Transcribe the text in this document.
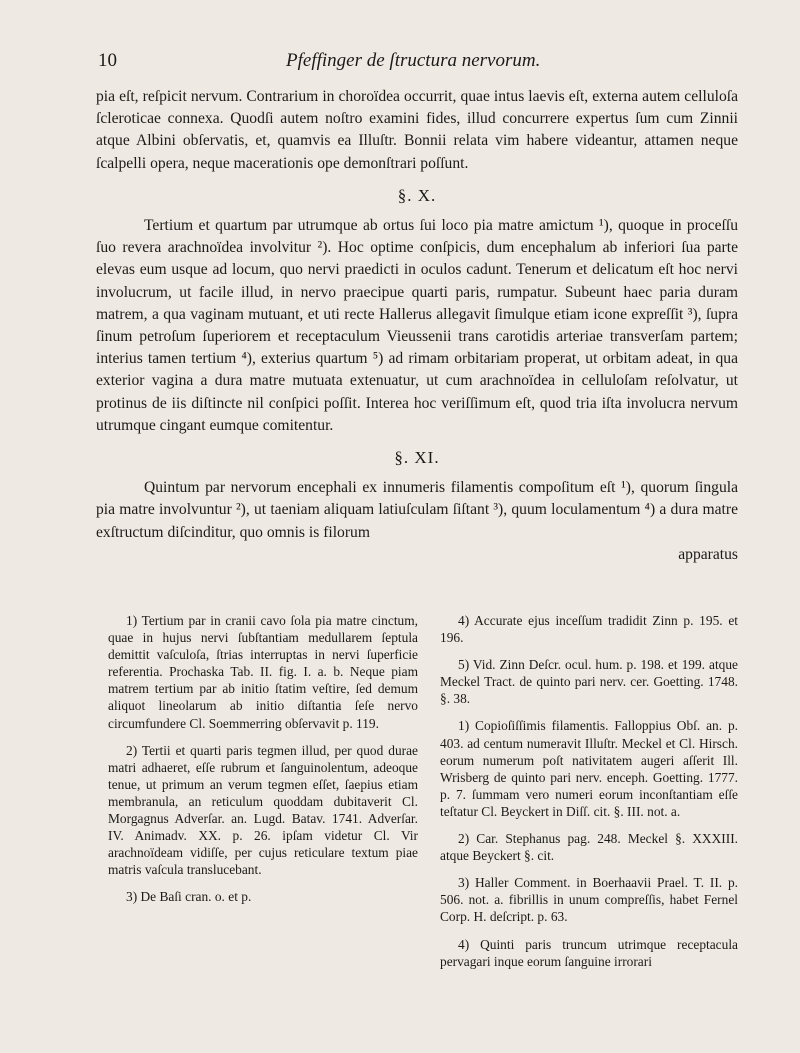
10	Pfeffinger de ſtructura nervorum.

pia eſt, reſpicit nervum. Contrarium in choroïdea occurrit, quae intus laevis eſt, externa autem celluloſa ſcleroticae connexa. Quodſi autem noſtro examini fides, illud concurrere expertus ſum cum Zinnii atque Albini obſervatis, et, quamvis ea Illuſtr. Bonnii relata vim habere videantur, attamen neque ſcalpelli opera, neque macerationis ope demonſtrari poſſunt.

§. X.

Tertium et quartum par utrumque ab ortus ſui loco pia matre amictum ¹), quoque in proceſſu ſuo revera arachnoïdea involvitur ²). Hoc optime conſpicis, dum encephalum ab inferiori ſua parte elevas eum usque ad locum, quo nervi praedicti in oculos cadunt. Tenerum et delicatum eſt hoc nervi involucrum, ut facile illud, in nervo praecipue quarti paris, rumpatur. Subeunt haec paria duram matrem, a qua vaginam mutuant, et uti recte Hallerus allegavit ſimulque etiam icone expreſſit ³), ſupra ſinum petroſum ſuperiorem et receptaculum Vieussenii trans carotidis arteriae transverſam partem; interius tamen tertium ⁴), exterius quartum ⁵) ad rimam orbitariam properat, ut orbitam adeat, in qua exterior vagina a dura matre mutuata extenuatur, ut cum arachnoïdea in celluloſam reſolvatur, ut protinus de iis diſtincte nil conſpici poſſit. Interea hoc veriſſimum eſt, quod tria iſta involucra nervum utrumque cingant eumque comitentur.

§. XI.

Quintum par nervorum encephali ex innumeris filamentis compoſitum eſt ¹), quorum ſingula pia matre involvuntur ²), ut taeniam aliquam latiuſculam ſiſtant ³), quum loculamentum ⁴) a dura matre exſtructum diſcinditur, quo omnis is filorum

apparatus

1) Tertium par in cranii cavo ſola pia matre cinctum, quae in hujus nervi ſubſtantiam medullarem ſeptula demittit vaſculoſa, ſtrias interruptas in nervi ſuperficie referentia. Prochaska Tab. II. fig. I. a. b. Neque piam matrem tertium par ab initio ſtatim veſtire, ſed demum aliquot lineolarum ab initio diſtantia ſeſe nervo circumfundere Cl. Soemmerring obſervavit p. 119.

2) Tertii et quarti paris tegmen illud, per quod durae matri adhaeret, eſſe rubrum et ſanguinolentum, adeoque tenue, ut primum an verum tegmen eſſet, ſaepius etiam membranula, an reticulum quoddam dubitaverit Cl. Morgagnus Adverſar. an. Lugd. Batav. 1741. Adverſar. IV. Animadv. XX. p. 26. ipſam videtur Cl. Vir arachnoïdeam vidiſſe, per cujus reticulare textum piae matris vaſcula translucebant.

3) De Baſi cran. o. et p.

4) Accurate ejus inceſſum tradidit Zinn p. 195. et 196.

5) Vid. Zinn Deſcr. ocul. hum. p. 198. et 199. atque Meckel Tract. de quinto pari nerv. cer. Goetting. 1748. §. 38.

1) Copioſiſſimis filamentis. Falloppius Obſ. an. p. 403. ad centum numeravit Illuſtr. Meckel et Cl. Hirsch. eorum numerum poſt nativitatem augeri aſſerit Ill. Wrisberg de quinto pari nerv. enceph. Goetting. 1777. p. 7. ſummam vero numeri eorum inconſtantiam eſſe teſtatur Cl. Beyckert in Diſſ. cit. §. III. not. a.

2) Car. Stephanus pag. 248. Meckel §. XXXIII. atque Beyckert §. cit.

3) Haller Comment. in Boerhaavii Prael. T. II. p. 506. not. a. fibrillis in unum compreſſis, habet Fernel Corp. H. deſcript. p. 63.

4) Quinti paris truncum utrimque receptacula pervagari inque eorum ſanguine irrorari
